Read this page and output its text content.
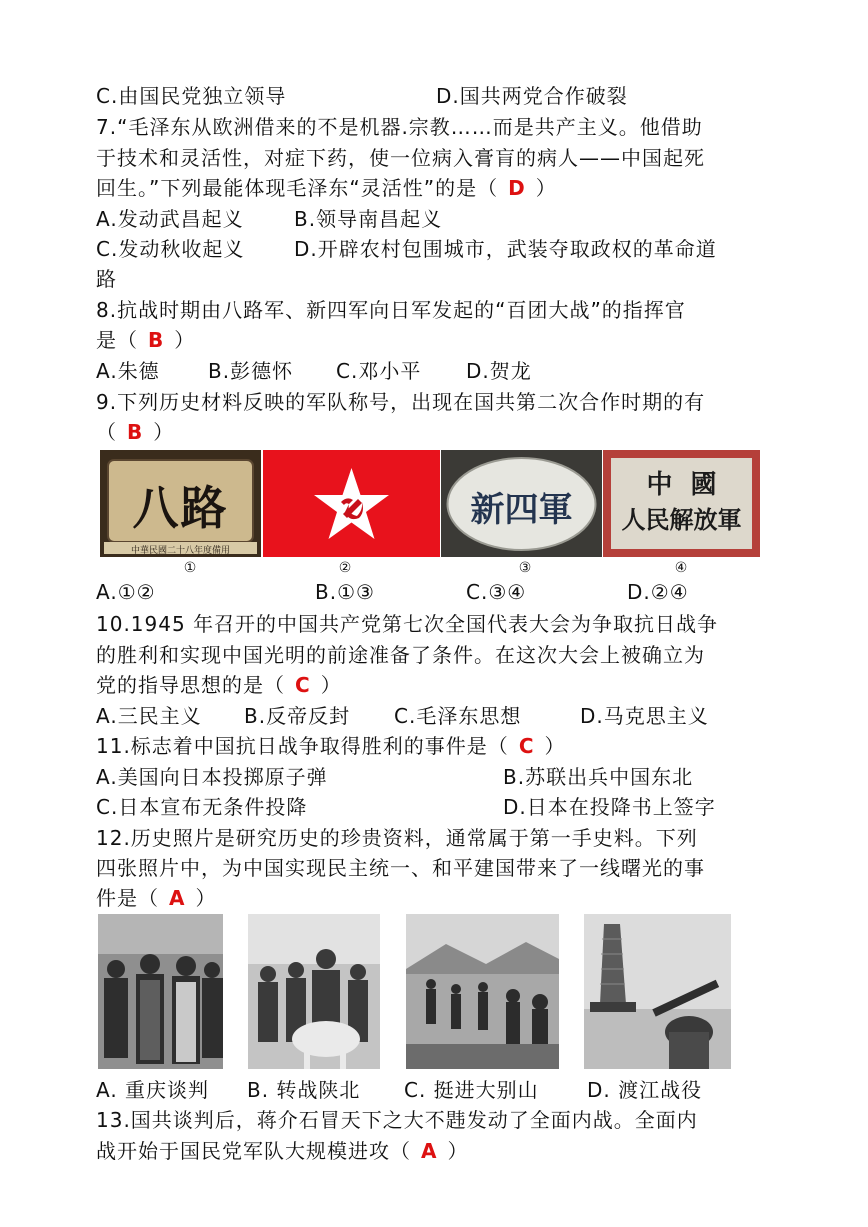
C.由国民党独立领导	D.国共两党合作破裂
7.“毛泽东从欧洲借来的不是机器.宗教……而是共产主义。他借助
于技术和灵活性，对症下药，使一位病入膏肓的病人——中国起死
回生。”下列最能体现毛泽东“灵活性”的是（ D ）
A.发动武昌起义	B.领导南昌起义
C.发动秋收起义 D.开辟农村包围城市，武装夺取政权的革命道
路
8.抗战时期由八路军、新四军向日军发起的“百团大战”的指挥官
是（ B ）
A.朱德 B.彭德怀 C.邓小平 D.贺龙
9.下列历史材料反映的军队称号，出现在国共第二次合作时期的有
（ B ）
八路
中華民國二十八年度備用
新四軍
中  國
人民解放軍
①	②	③	④
A.①②	B.①③	C.③④	D.②④
10.1945 年召开的中国共产党第七次全国代表大会为争取抗日战争
的胜利和实现中国光明的前途准备了条件。在这次大会上被确立为
党的指导思想的是（ C ）
A.三民主义 B.反帝反封 C.毛泽东思想	D.马克思主义
11.标志着中国抗日战争取得胜利的事件是（ C ）
A.美国向日本投掷原子弹	B.苏联出兵中国东北
C.日本宣布无条件投降	D.日本在投降书上签字
12.历史照片是研究历史的珍贵资料，通常属于第一手史料。下列
四张照片中，为中国实现民主统一、和平建国带来了一线曙光的事
件是（ A ）
A. 重庆谈判 B. 转战陕北 C. 挺进大别山 D. 渡江战役
13.国共谈判后，蒋介石冒天下之大不韪发动了全面内战。全面内
战开始于国民党军队大规模进攻（ A ）
